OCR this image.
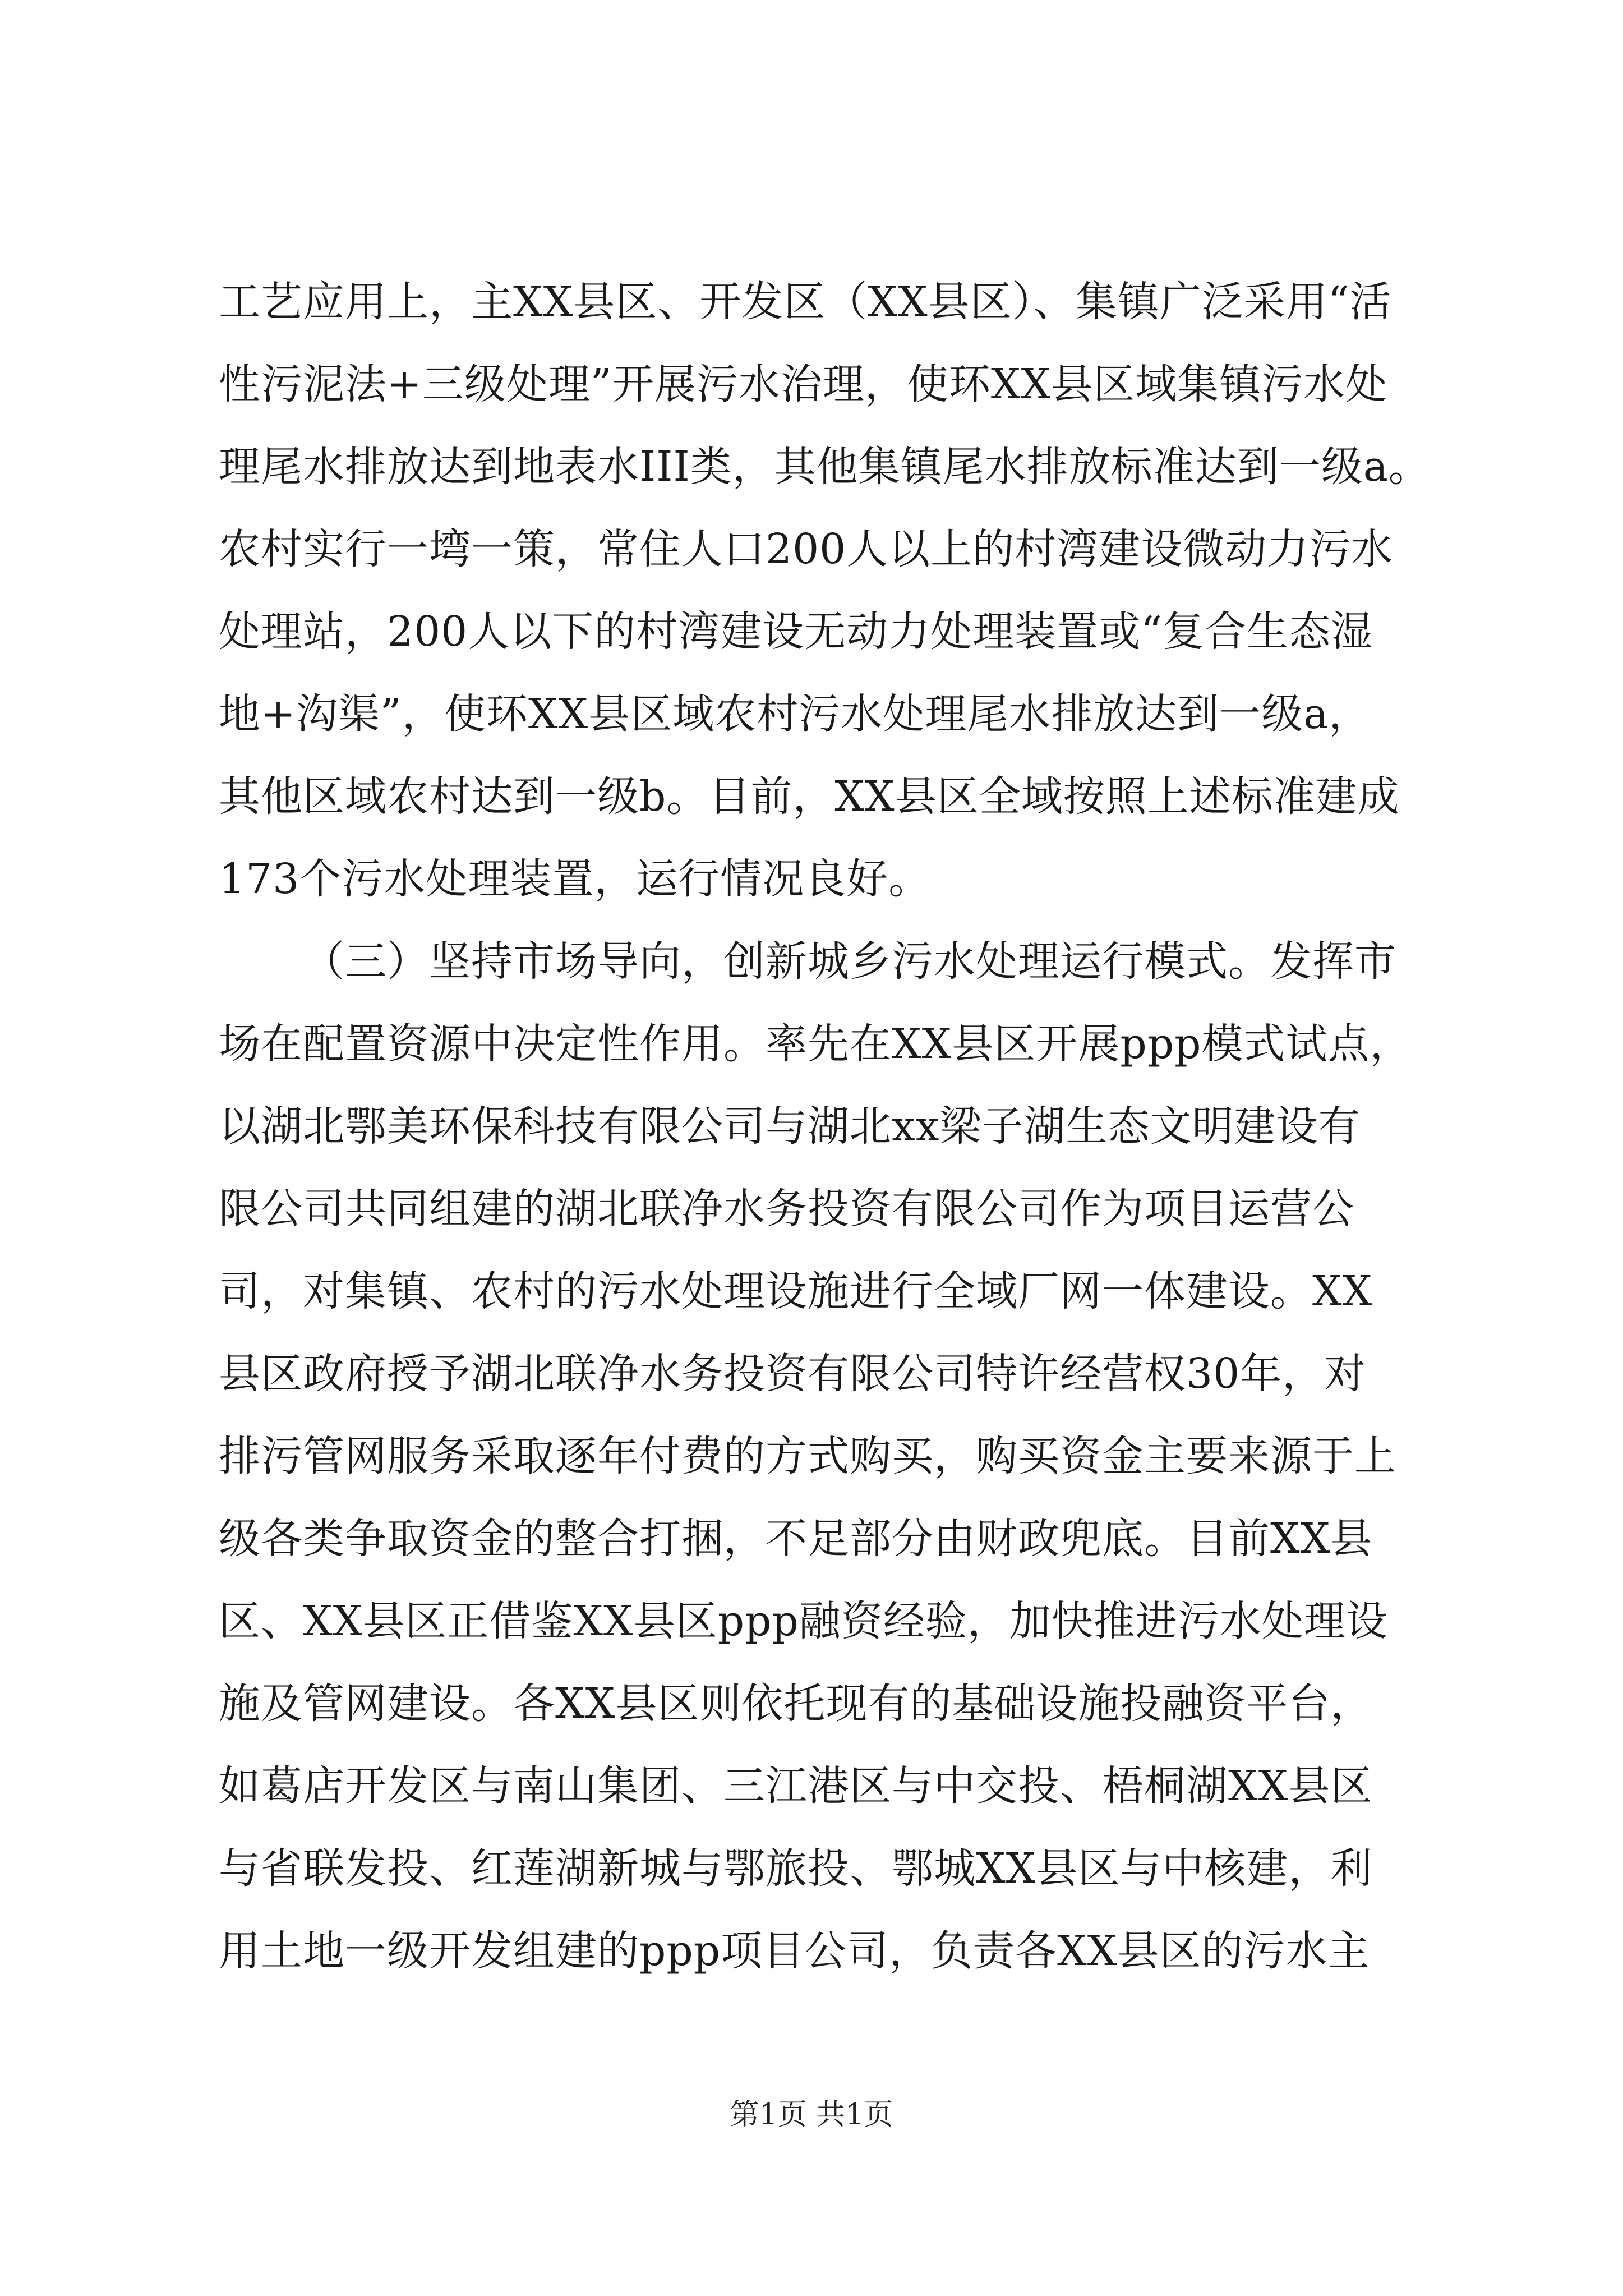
工艺应用上，主XX县区、开发区（XX县区）、集镇广泛采用“活
性污泥法+三级处理”开展污水治理，使环XX县区域集镇污水处
理尾水排放达到地表水III类，其他集镇尾水排放标准达到一级a。
农村实行一塆一策，常住人口200人以上的村湾建设微动力污水
处理站，200人以下的村湾建设无动力处理装置或“复合生态湿
地+沟渠”，使环XX县区域农村污水处理尾水排放达到一级a，
其他区域农村达到一级b。目前，XX县区全域按照上述标准建成
173个污水处理装置，运行情况良好。
（三）坚持市场导向，创新城乡污水处理运行模式。发挥市
场在配置资源中决定性作用。率先在XX县区开展ppp模式试点，
以湖北鄂美环保科技有限公司与湖北xx梁子湖生态文明建设有
限公司共同组建的湖北联净水务投资有限公司作为项目运营公
司，对集镇、农村的污水处理设施进行全域厂网一体建设。XX
县区政府授予湖北联净水务投资有限公司特许经营权30年，对
排污管网服务采取逐年付费的方式购买，购买资金主要来源于上
级各类争取资金的整合打捆，不足部分由财政兜底。目前XX县
区、XX县区正借鉴XX县区ppp融资经验，加快推进污水处理设
施及管网建设。各XX县区则依托现有的基础设施投融资平台，
如葛店开发区与南山集团、三江港区与中交投、梧桐湖XX县区
与省联发投、红莲湖新城与鄂旅投、鄂城XX县区与中核建，利
用土地一级开发组建的ppp项目公司，负责各XX县区的污水主
第1页 共1页
